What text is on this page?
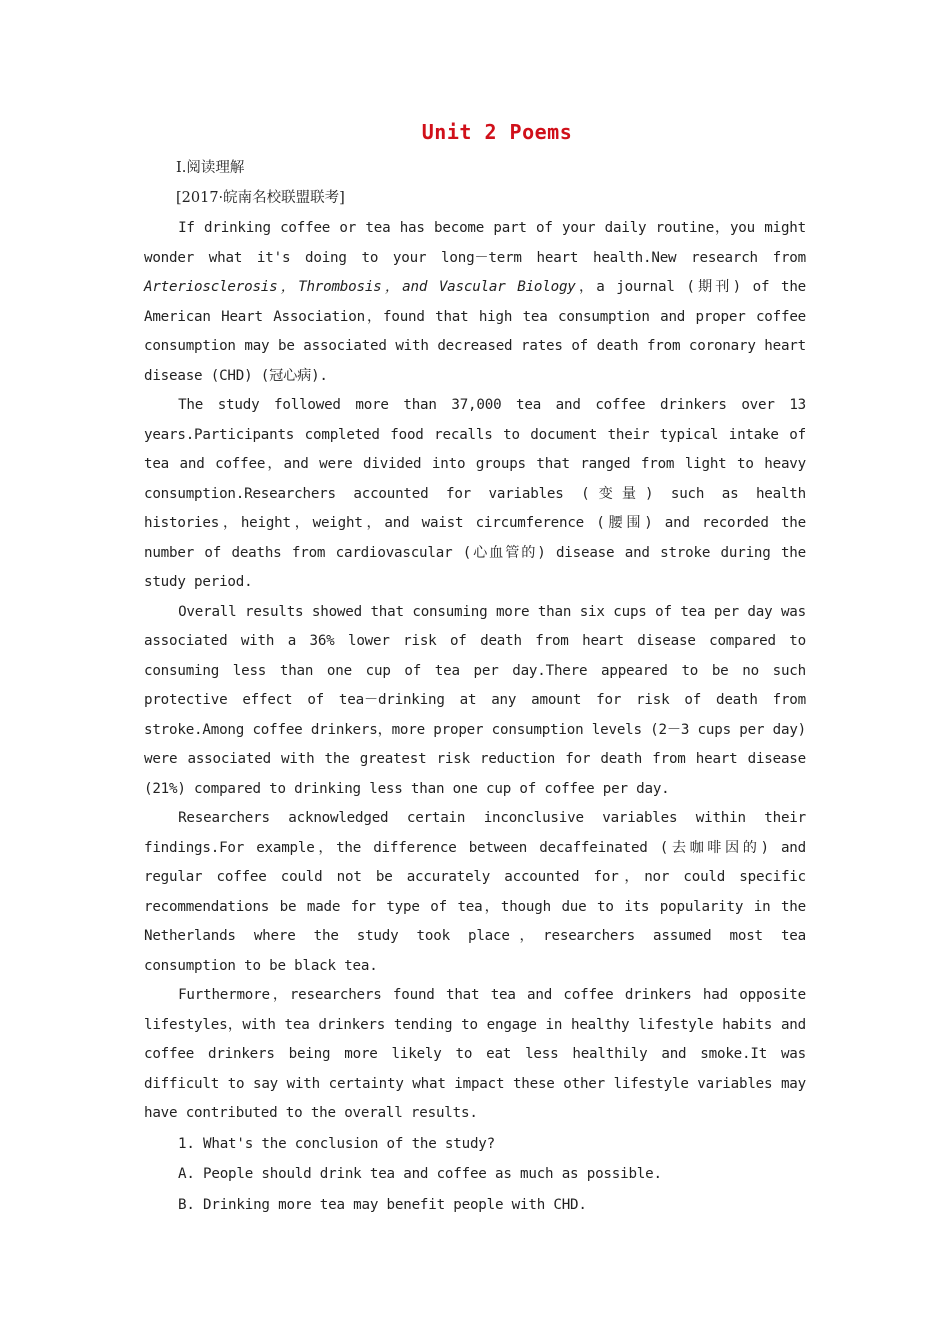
Unit 2 Poems
Ⅰ.阅读理解
[2017·皖南名校联盟联考]

If drinking coffee or tea has become part of your daily routine，you might wonder what it's doing to your long－term heart health.New research from Arteriosclerosis，Thrombosis，and Vascular Biology，a journal (期刊) of the American Heart Association，found that high tea consumption and proper coffee consumption may be associated with decreased rates of death from coronary heart disease (CHD) (冠心病).

The study followed more than 37,000 tea and coffee drinkers over 13 years.Participants completed food recalls to document their typical intake of tea and coffee，and were divided into groups that ranged from light to heavy consumption.Researchers accounted for variables (变量) such as health histories，height，weight，and waist circumference (腰围) and recorded the number of deaths from cardiovascular (心血管的) disease and stroke during the study period.

Overall results showed that consuming more than six cups of tea per day was associated with a 36% lower risk of death from heart disease compared to consuming less than one cup of tea per day.There appeared to be no such protective effect of tea－drinking at any amount for risk of death from stroke.Among coffee drinkers，more proper consumption levels (2－3 cups per day) were associated with the greatest risk reduction for death from heart disease (21%) compared to drinking less than one cup of coffee per day.

Researchers acknowledged certain inconclusive variables within their findings.For example，the difference between decaffeinated (去咖啡因的) and regular coffee could not be accurately accounted for，nor could specific recommendations be made for type of tea，though due to its popularity in the Netherlands where the study took place，researchers assumed most tea consumption to be black tea.

Furthermore，researchers found that tea and coffee drinkers had opposite lifestyles，with tea drinkers tending to engage in healthy lifestyle habits and coffee drinkers being more likely to eat less healthily and smoke.It was difficult to say with certainty what impact these other lifestyle variables may have contributed to the overall results.

1. What's the conclusion of the study?

A. People should drink tea and coffee as much as possible.

B. Drinking more tea may benefit people with CHD.
